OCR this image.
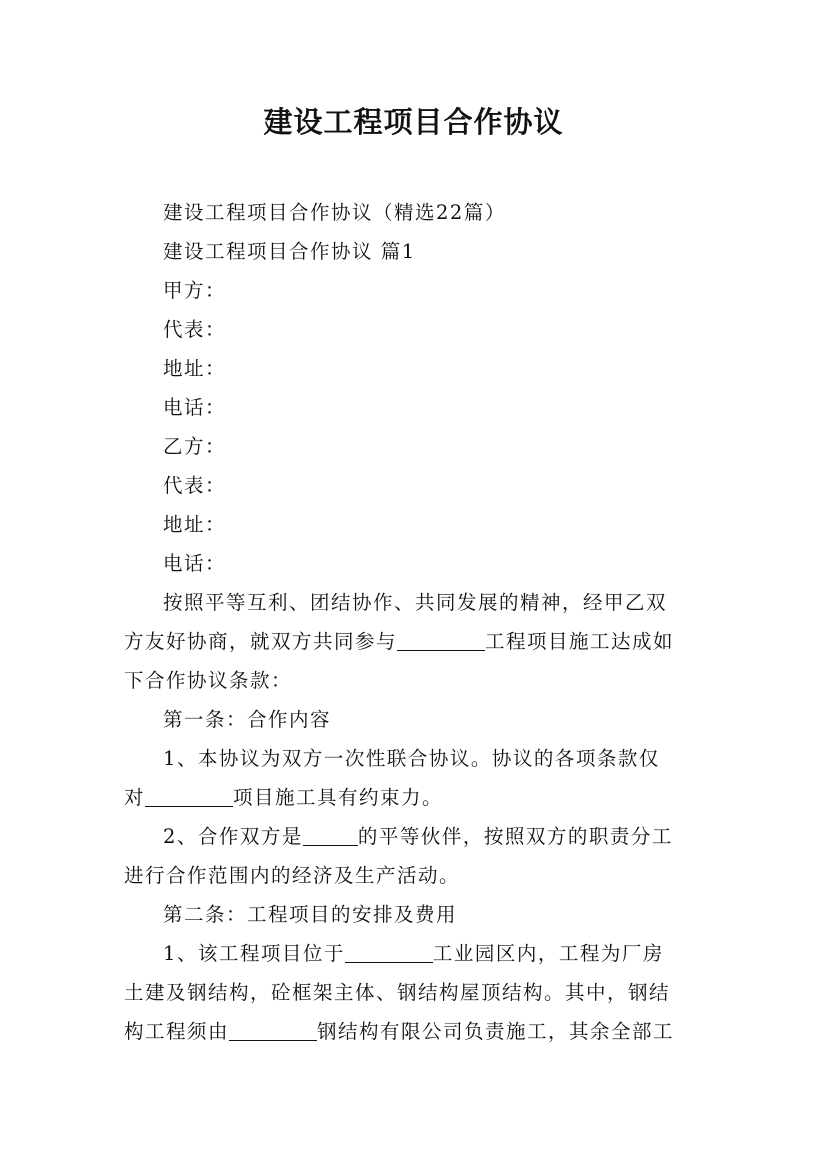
建设工程项目合作协议

建设工程项目合作协议（精选22篇）

建设工程项目合作协议 篇1

甲方：

代表：

地址：

电话：

乙方：

代表：

地址：

电话：

按照平等互利、团结协作、共同发展的精神，经甲乙双
方友好协商，就双方共同参与	工程项目施工达成如
下合作协议条款：

第一条：合作内容

1、本协议为双方一次性联合协议。协议的各项条款仅
对	项目施工具有约束力。

2、合作双方是	的平等伙伴，按照双方的职责分工
进行合作范围内的经济及生产活动。

第二条：工程项目的安排及费用

1、该工程项目位于	工业园区内，工程为厂房
土建及钢结构，砼框架主体、钢结构屋顶结构。其中，钢结
构工程须由	钢结构有限公司负责施工，其余全部工
